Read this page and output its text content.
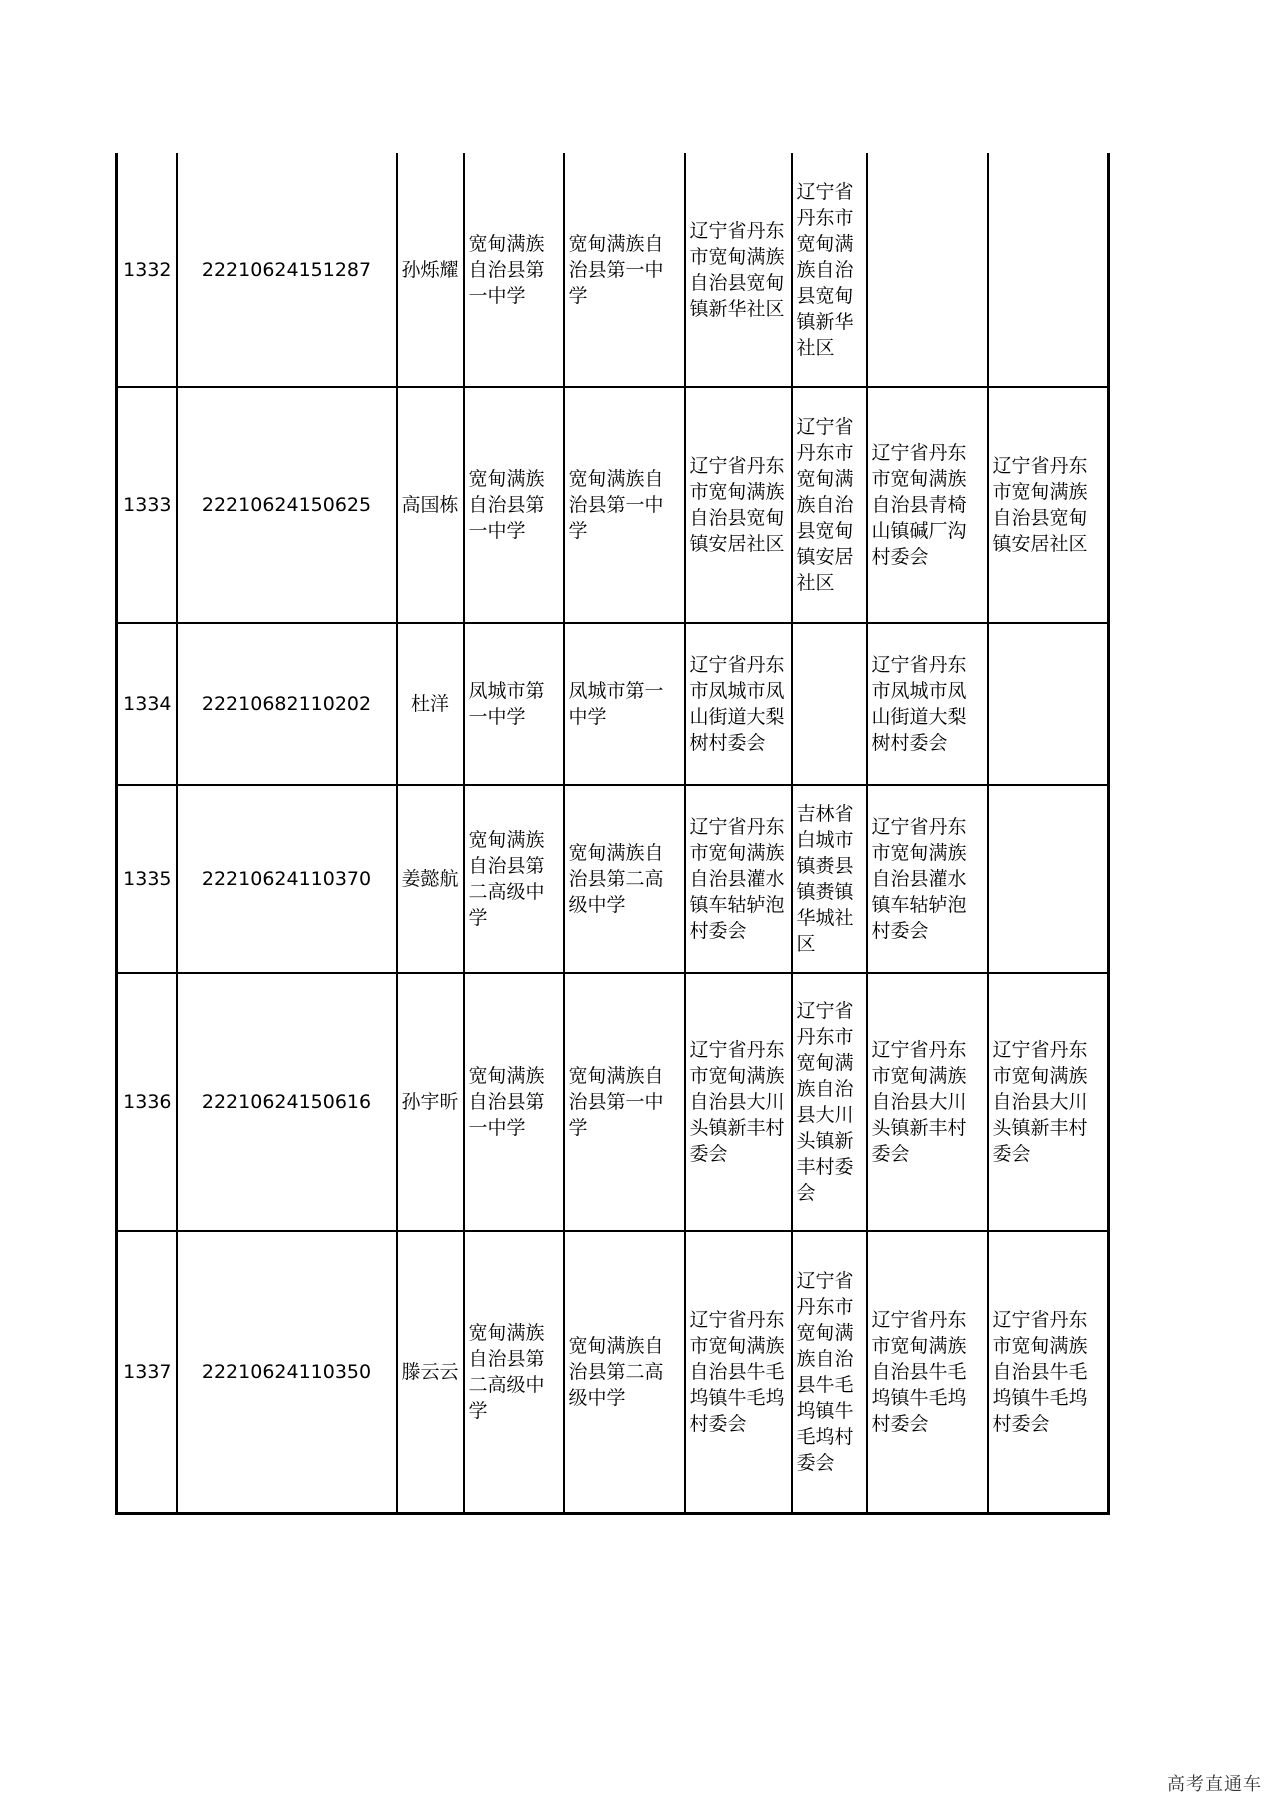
1332	22210624151287	孙烁耀	宽甸满族自治县第一中学	宽甸满族自治县第一中学	辽宁省丹东市宽甸满族自治县宽甸镇新华社区	辽宁省丹东市宽甸满族自治县宽甸镇新华社区		
1333	22210624150625	高国栋	宽甸满族自治县第一中学	宽甸满族自治县第一中学	辽宁省丹东市宽甸满族自治县宽甸镇安居社区	辽宁省丹东市宽甸满族自治县宽甸镇安居社区	辽宁省丹东市宽甸满族自治县青椅山镇碱厂沟村委会	辽宁省丹东市宽甸满族自治县宽甸镇安居社区
1334	22210682110202	杜洋	凤城市第一中学	凤城市第一中学	辽宁省丹东市凤城市凤山街道大梨树村委会		辽宁省丹东市凤城市凤山街道大梨树村委会	
1335	22210624110370	姜懿航	宽甸满族自治县第二高级中学	宽甸满族自治县第二高级中学	辽宁省丹东市宽甸满族自治县灌水镇车轱轳泡村委会	吉林省白城市镇赉县镇赉镇华城社区	辽宁省丹东市宽甸满族自治县灌水镇车轱轳泡村委会	
1336	22210624150616	孙宇昕	宽甸满族自治县第一中学	宽甸满族自治县第一中学	辽宁省丹东市宽甸满族自治县大川头镇新丰村委会	辽宁省丹东市宽甸满族自治县大川头镇新丰村委会	辽宁省丹东市宽甸满族自治县大川头镇新丰村委会	辽宁省丹东市宽甸满族自治县大川头镇新丰村委会
1337	22210624110350	滕云云	宽甸满族自治县第二高级中学	宽甸满族自治县第二高级中学	辽宁省丹东市宽甸满族自治县牛毛坞镇牛毛坞村委会	辽宁省丹东市宽甸满族自治县牛毛坞镇牛毛坞村委会	辽宁省丹东市宽甸满族自治县牛毛坞镇牛毛坞村委会	辽宁省丹东市宽甸满族自治县牛毛坞镇牛毛坞村委会
高考直通车
